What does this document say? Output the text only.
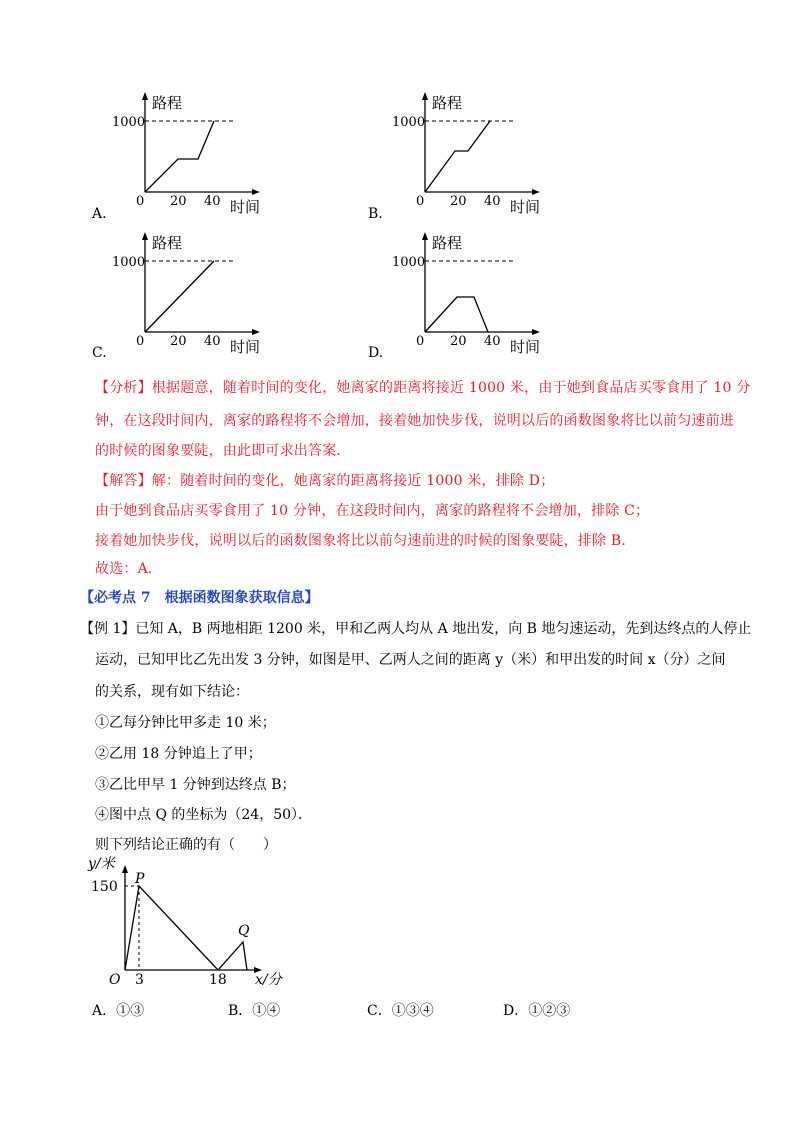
路程
1000
0 20 40 时间
A.
路程
1000
0 20 40 时间
B.
路程
1000
0 20 40 时间
C.
路程
1000
0 20 40 时间
D.
【分析】根据题意，随着时间的变化，她离家的距离将接近 1000 米，由于她到食品店买零食用了 10 分
钟，在这段时间内，离家的路程将不会增加，接着她加快步伐，说明以后的函数图象将比以前匀速前进
的时候的图象要陡，由此即可求出答案．
【解答】解：随着时间的变化，她离家的距离将接近 1000 米，排除 D；
由于她到食品店买零食用了 10 分钟，在这段时间内，离家的路程将不会增加，排除 C；
接着她加快步伐，说明以后的函数图象将比以前匀速前进的时候的图象要陡，排除 B．
故选：A．
【必考点 7　根据函数图象获取信息】
【例 1】已知 A，B 两地相距 1200 米，甲和乙两人均从 A 地出发，向 B 地匀速运动，先到达终点的人停止
运动，已知甲比乙先出发 3 分钟，如图是甲、乙两人之间的距离 y（米）和甲出发的时间 x（分）之间
的关系，现有如下结论：
①乙每分钟比甲多走 10 米；
②乙用 18 分钟追上了甲；
③乙比甲早 1 分钟到达终点 B；
④图中点 Q 的坐标为（24，50）．
则下列结论正确的有（　　）
y/米
150
O 3	18 x/分
P
Q
A．①③	B．①④	C．①③④	D．①②③
